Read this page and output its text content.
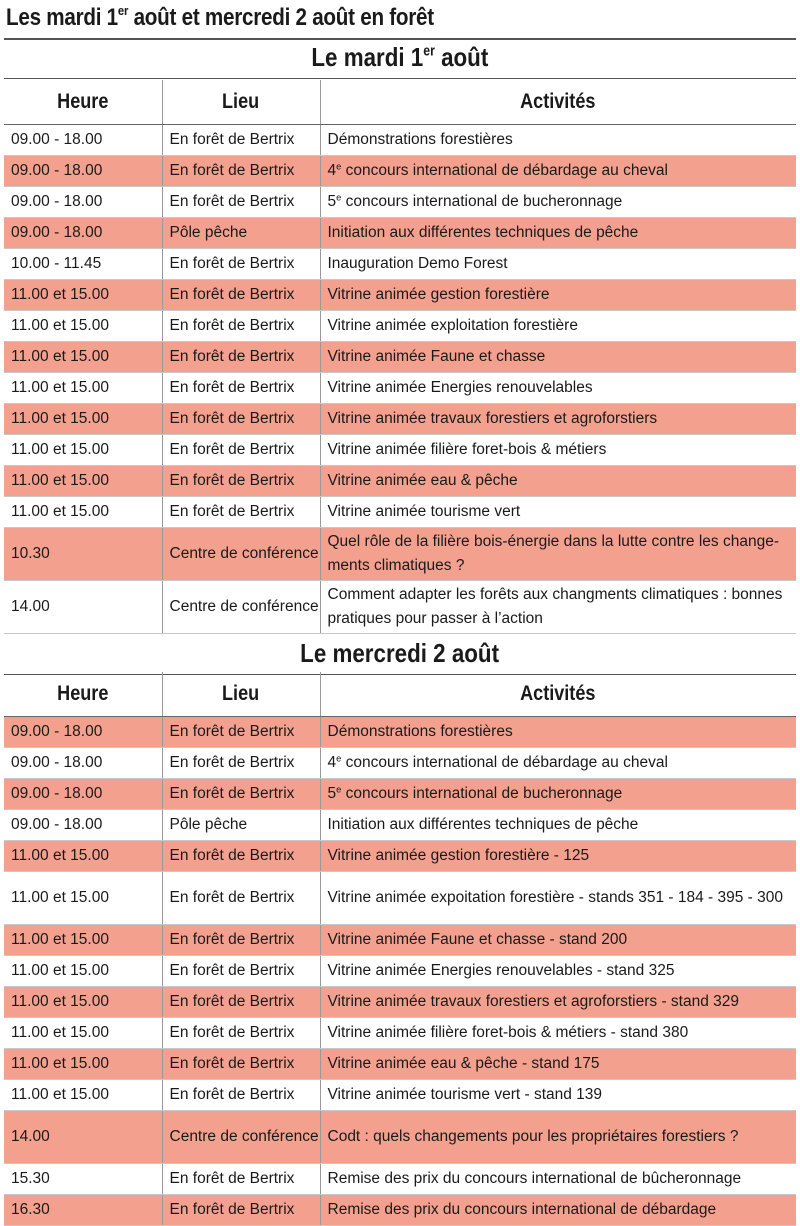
Les mardi 1er août et mercredi 2 août en forêt
Le mardi 1er août
Heure	Lieu	Activités
09.00 - 18.00	En forêt de Bertrix	Démonstrations forestières
09.00 - 18.00	En forêt de Bertrix	4e concours international de débardage au cheval
09.00 - 18.00	En forêt de Bertrix	5e concours international de bucheronnage
09.00 - 18.00	Pôle pêche	Initiation aux différentes techniques de pêche
10.00 - 11.45	En forêt de Bertrix	Inauguration Demo Forest
11.00 et 15.00	En forêt de Bertrix	Vitrine animée gestion forestière
11.00 et 15.00	En forêt de Bertrix	Vitrine animée exploitation forestière
11.00 et 15.00	En forêt de Bertrix	Vitrine animée Faune et chasse
11.00 et 15.00	En forêt de Bertrix	Vitrine animée Energies renouvelables
11.00 et 15.00	En forêt de Bertrix	Vitrine animée travaux forestiers et agroforstiers
11.00 et 15.00	En forêt de Bertrix	Vitrine animée filière foret-bois & métiers
11.00 et 15.00	En forêt de Bertrix	Vitrine animée eau & pêche
11.00 et 15.00	En forêt de Bertrix	Vitrine animée tourisme vert
10.30	Centre de conférence	Quel rôle de la filière bois-énergie dans la lutte contre les change-ments climatiques ?
14.00	Centre de conférence	Comment adapter les forêts aux changments climatiques : bonnes pratiques pour passer à l’action
Le mercredi 2 août
Heure	Lieu	Activités
09.00 - 18.00	En forêt de Bertrix	Démonstrations forestières
09.00 - 18.00	En forêt de Bertrix	4e concours international de débardage au cheval
09.00 - 18.00	En forêt de Bertrix	5e concours international de bucheronnage
09.00 - 18.00	Pôle pêche	Initiation aux différentes techniques de pêche
11.00 et 15.00	En forêt de Bertrix	Vitrine animée gestion forestière - 125
11.00 et 15.00	En forêt de Bertrix	Vitrine animée expoitation forestière - stands 351 - 184 - 395 - 300
11.00 et 15.00	En forêt de Bertrix	Vitrine animée Faune et chasse - stand 200
11.00 et 15.00	En forêt de Bertrix	Vitrine animée Energies renouvelables - stand 325
11.00 et 15.00	En forêt de Bertrix	Vitrine animée travaux forestiers et agroforstiers - stand 329
11.00 et 15.00	En forêt de Bertrix	Vitrine animée filière foret-bois & métiers - stand 380
11.00 et 15.00	En forêt de Bertrix	Vitrine animée eau & pêche - stand 175
11.00 et 15.00	En forêt de Bertrix	Vitrine animée tourisme vert - stand 139
14.00	Centre de conférence	Codt : quels changements pour les propriétaires forestiers ?
15.30	En forêt de Bertrix	Remise des prix du concours international de bûcheronnage
16.30	En forêt de Bertrix	Remise des prix du concours international de débardage
